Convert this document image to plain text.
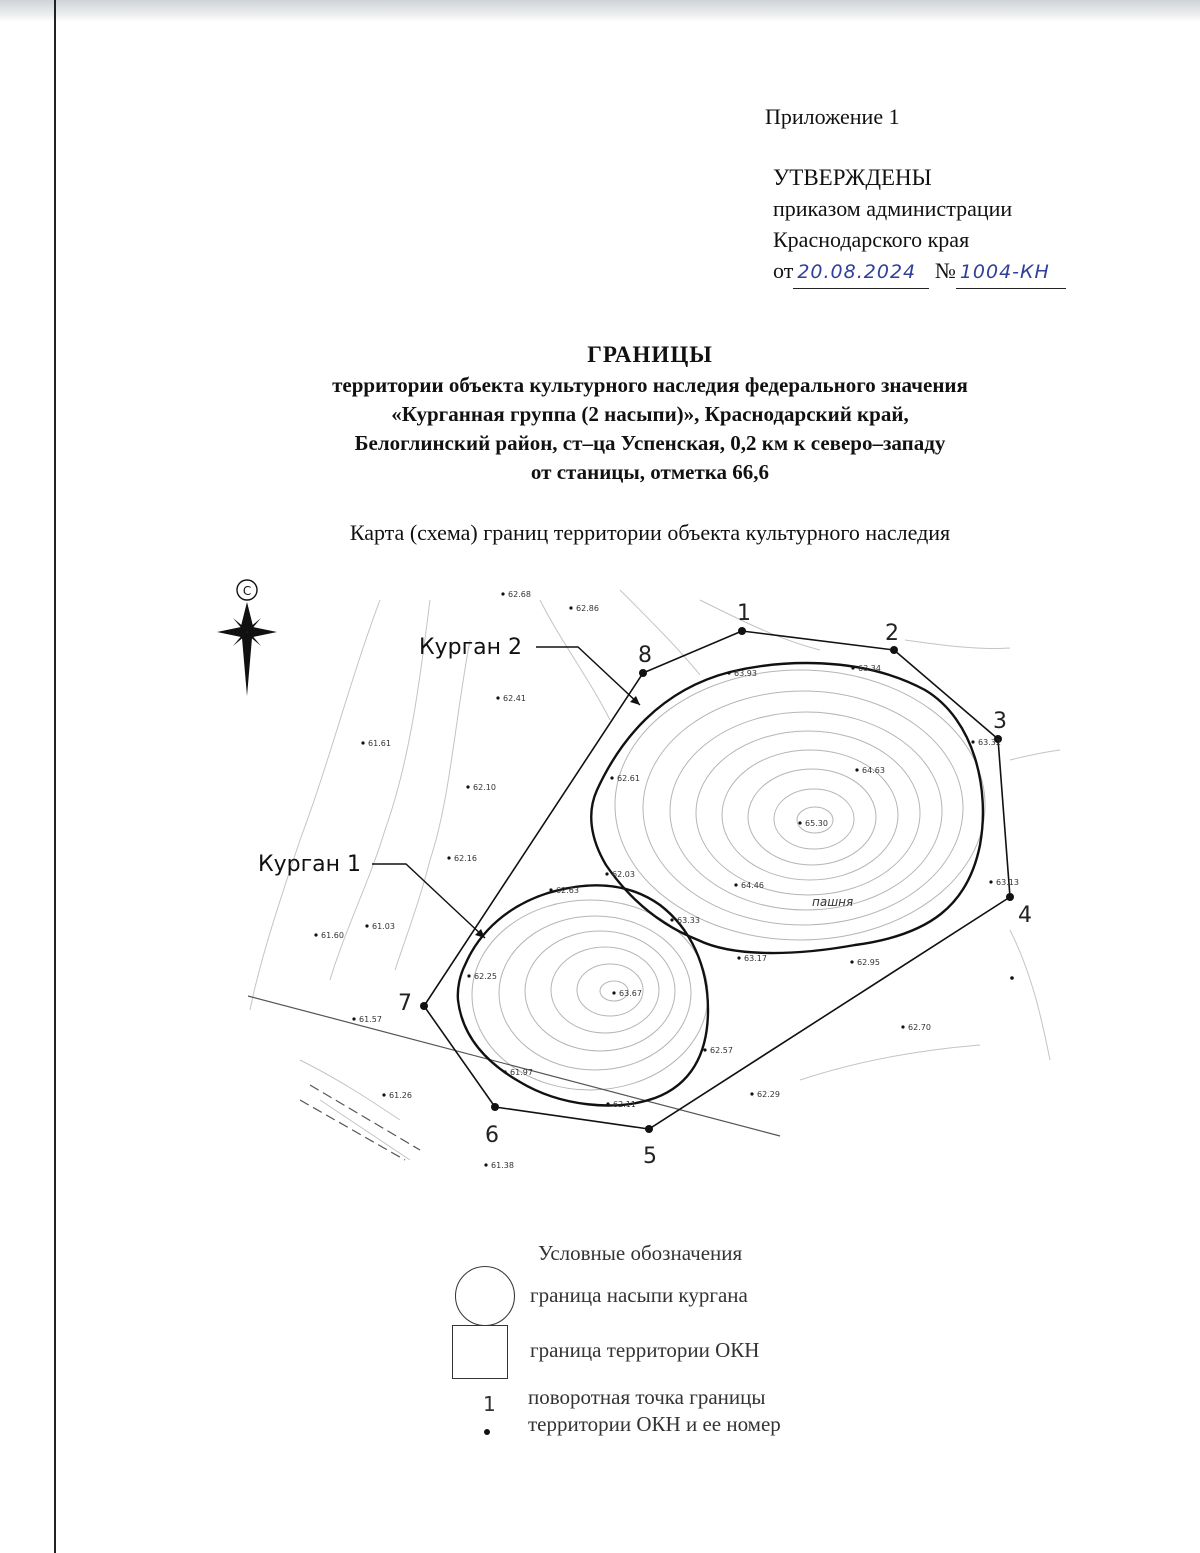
Приложение 1
УТВЕРЖДЕНЫ
приказом администрации
Краснодарского края
от 20.08.2024 № 1004-КН
ГРАНИЦЫ
территории объекта культурного наследия федерального значения
«Курганная группа (2 насыпи)», Краснодарский край,
Белоглинский район, ст–ца Успенская, 0,2 км к северо–западу
от станицы, отметка 66,6
Карта (схема) границ территории объекта культурного наследия
1
2
3
4
5
6
7
8
Курган 2
Курган 1
пашня
62.68
62.86
62.41
61.61
62.10
62.16
61.60
61.03
62.61
62.03
62.63
63.93
63.34
63.32
64.63
65.30
64.46	63.13
63.33
63.17	62.95
62.25
63.67
62.57
61.57
61.97
62.11
61.26	62.29
62.70
61.38
С
Условные обозначения
граница насыпи кургана
граница территории ОКН
1 поворотная точка границы
территории ОКН и ее номер
